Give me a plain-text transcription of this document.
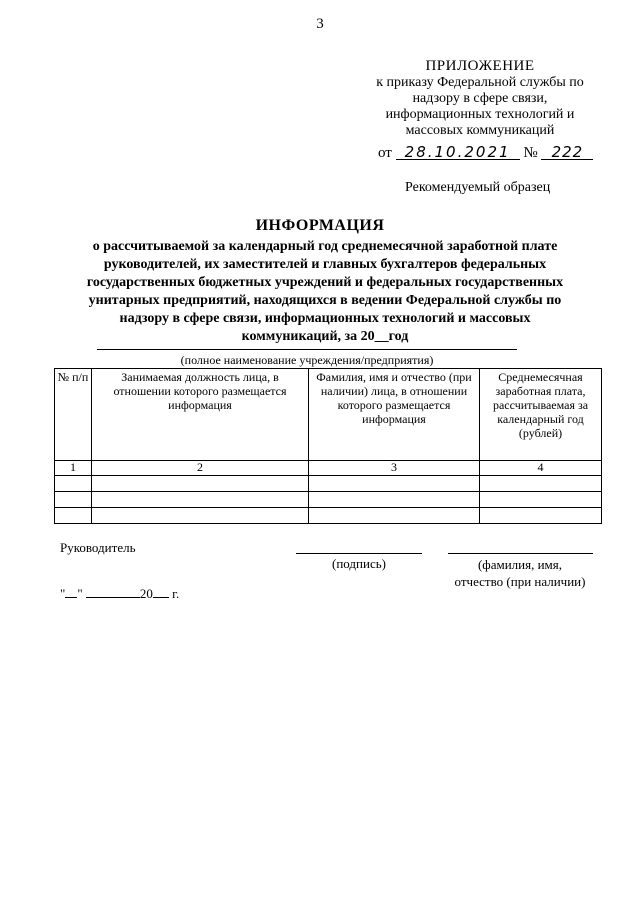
3
ПРИЛОЖЕНИЕ
к приказу Федеральной службы по
надзору в сфере связи,
информационных технологий и
массовых коммуникаций
от 28.10.2021 № 222
Рекомендуемый образец
ИНФОРМАЦИЯ
о рассчитываемой за календарный год среднемесячной заработной плате руководителей, их заместителей и главных бухгалтеров федеральных государственных бюджетных учреждений и федеральных государственных унитарных предприятий, находящихся в ведении Федеральной службы по надзору в сфере связи, информационных технологий и массовых коммуникаций, за 20__год
(полное наименование учреждения/предприятия)
№ п/п	Занимаемая должность лица, в отношении которого размещается информация	Фамилия, имя и отчество (при наличии) лица, в отношении которого размещается информация	Среднемесячная заработная плата, рассчитываемая за календарный год (рублей)
1	2	3	4

Руководитель
(подпись)	(фамилия, имя,
отчество (при наличии)
" "	20 г.
